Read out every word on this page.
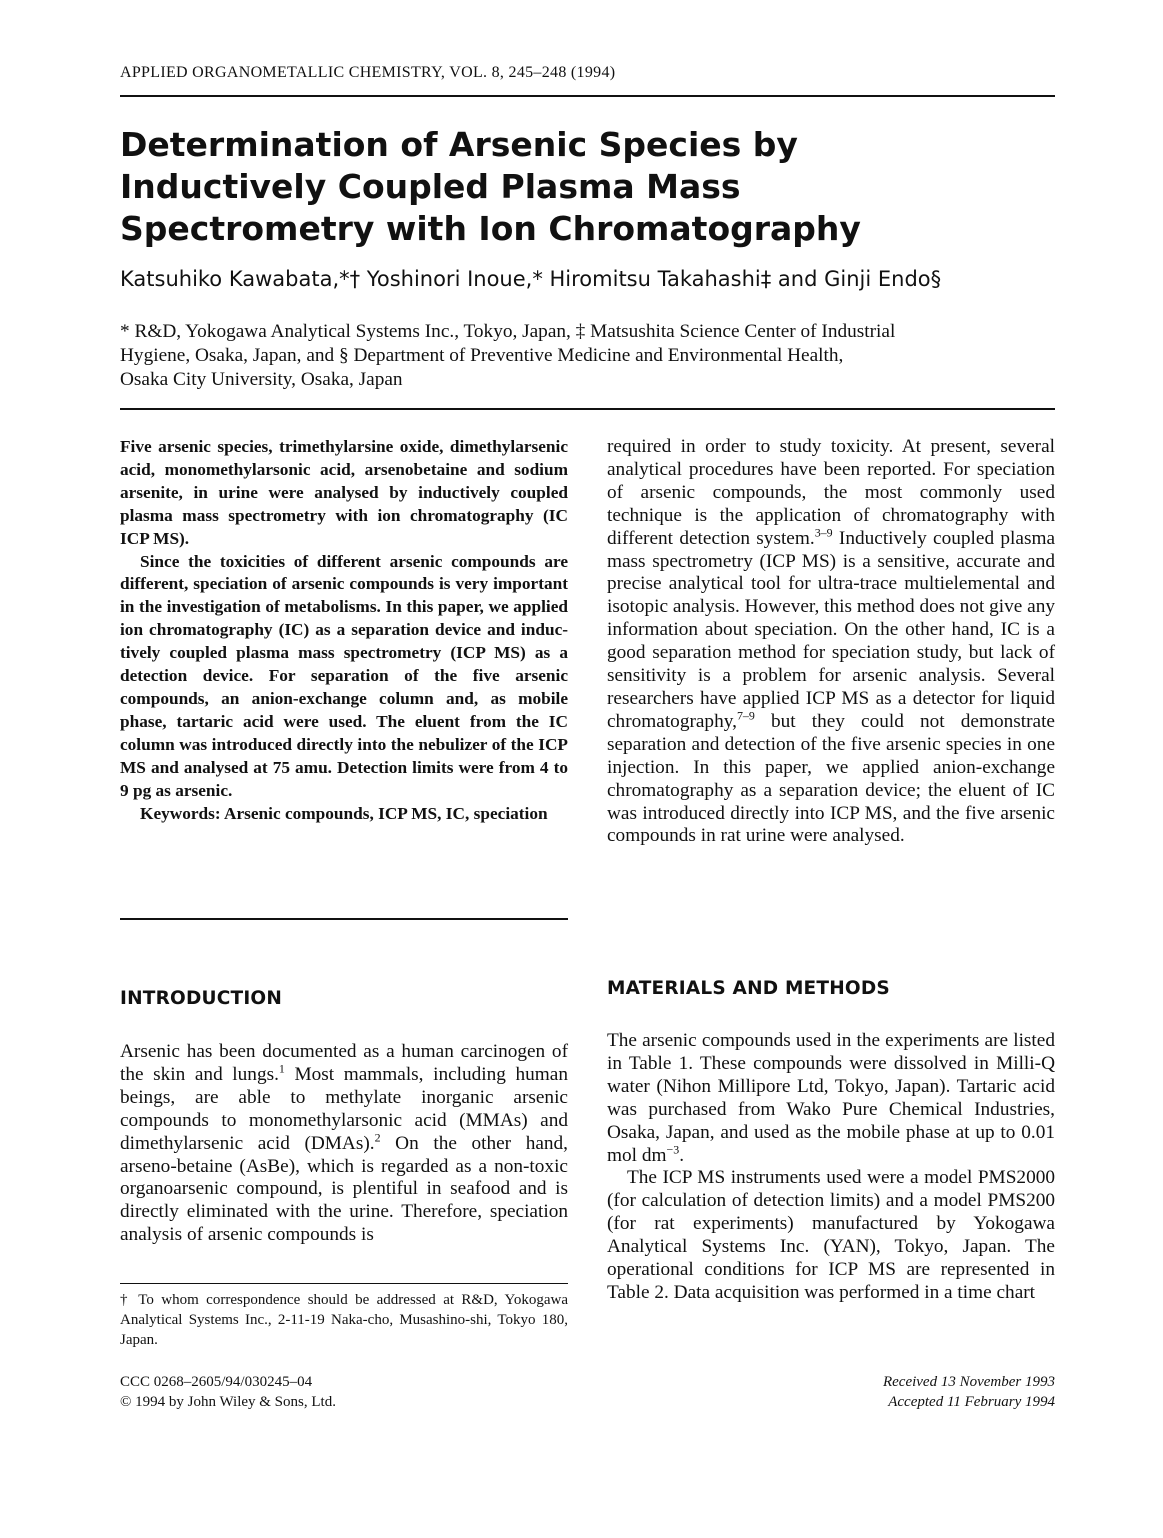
APPLIED ORGANOMETALLIC CHEMISTRY, VOL. 8, 245–248 (1994)
Determination of Arsenic Species by
Inductively Coupled Plasma Mass
Spectrometry with Ion Chromatography
Katsuhiko Kawabata,*† Yoshinori Inoue,* Hiromitsu Takahashi‡ and Ginji Endo§
* R&D, Yokogawa Analytical Systems Inc., Tokyo, Japan, ‡ Matsushita Science Center of Industrial
Hygiene, Osaka, Japan, and § Department of Preventive Medicine and Environmental Health,
Osaka City University, Osaka, Japan

Five arsenic species, trimethylarsine oxide, dimethylarsenic acid, monomethylarsonic acid, arsenobetaine and sodium arsenite, in urine were analysed by inductively coupled plasma mass spectrometry with ion chromatography (IC ICP MS).

Since the toxicities of different arsenic compounds are different, speciation of arsenic compounds is very important in the investigation of metabolisms. In this paper, we applied ion chromatography (IC) as a separation device and inductively coupled plasma mass spectrometry (ICP MS) as a detection device. For separation of the five arsenic compounds, an anion-exchange column and, as mobile phase, tartaric acid were used. The eluent from the IC column was introduced directly into the nebulizer of the ICP MS and analysed at 75 amu. Detection limits were from 4 to 9 pg as arsenic.

Keywords: Arsenic compounds, ICP MS, IC, speciation

required in order to study toxicity. At present, several analytical procedures have been reported. For speciation of arsenic compounds, the most commonly used technique is the application of chromatography with different detection system.$^{3-9}$ Inductively coupled plasma mass spectrometry (ICP MS) is a sensitive, accurate and precise analytical tool for ultra-trace multielemental and isotopic analysis. However, this method does not give any information about speciation. On the other hand, IC is a good separation method for speciation study, but lack of sensitivity is a problem for arsenic analysis. Several researchers have applied ICP MS as a detector for liquid chromatography,$^{7-9}$ but they could not demonstrate separation and detection of the five arsenic species in one injection. In this paper, we applied anion-exchange chromatography as a separation device; the eluent of IC was introduced directly into ICP MS, and the five arsenic compounds in rat urine were analysed.

INTRODUCTION

Arsenic has been documented as a human carcinogen of the skin and lungs.$^1$ Most mammals, including human beings, are able to methylate inorganic arsenic compounds to monomethylarsonic acid (MMAs) and dimethylarsenic acid (DMAs).$^2$ On the other hand, arseno-betaine (AsBe), which is regarded as a non-toxic organoarsenic compound, is plentiful in seafood and is directly eliminated with the urine. Therefore, speciation analysis of arsenic compounds is

MATERIALS AND METHODS

The arsenic compounds used in the experiments are listed in Table 1. These compounds were dissolved in Milli-Q water (Nihon Millipore Ltd, Tokyo, Japan). Tartaric acid was purchased from Wako Pure Chemical Industries, Osaka, Japan, and used as the mobile phase at up to 0.01 mol $dm^{-3}$.

The ICP MS instruments used were a model PMS2000 (for calculation of detection limits) and a model PMS200 (for rat experiments) manufactured by Yokogawa Analytical Systems Inc. (YAN), Tokyo, Japan. The operational conditions for ICP MS are represented in Table 2. Data acquisition was performed in a time chart

† To whom correspondence should be addressed at R&D, Yokogawa Analytical Systems Inc., 2-11-19 Naka-cho, Musashino-shi, Tokyo 180, Japan.
CCC 0268–2605/94/030245–04
© 1994 by John Wiley & Sons, Ltd.
Received 13 November 1993
Accepted 11 February 1994
